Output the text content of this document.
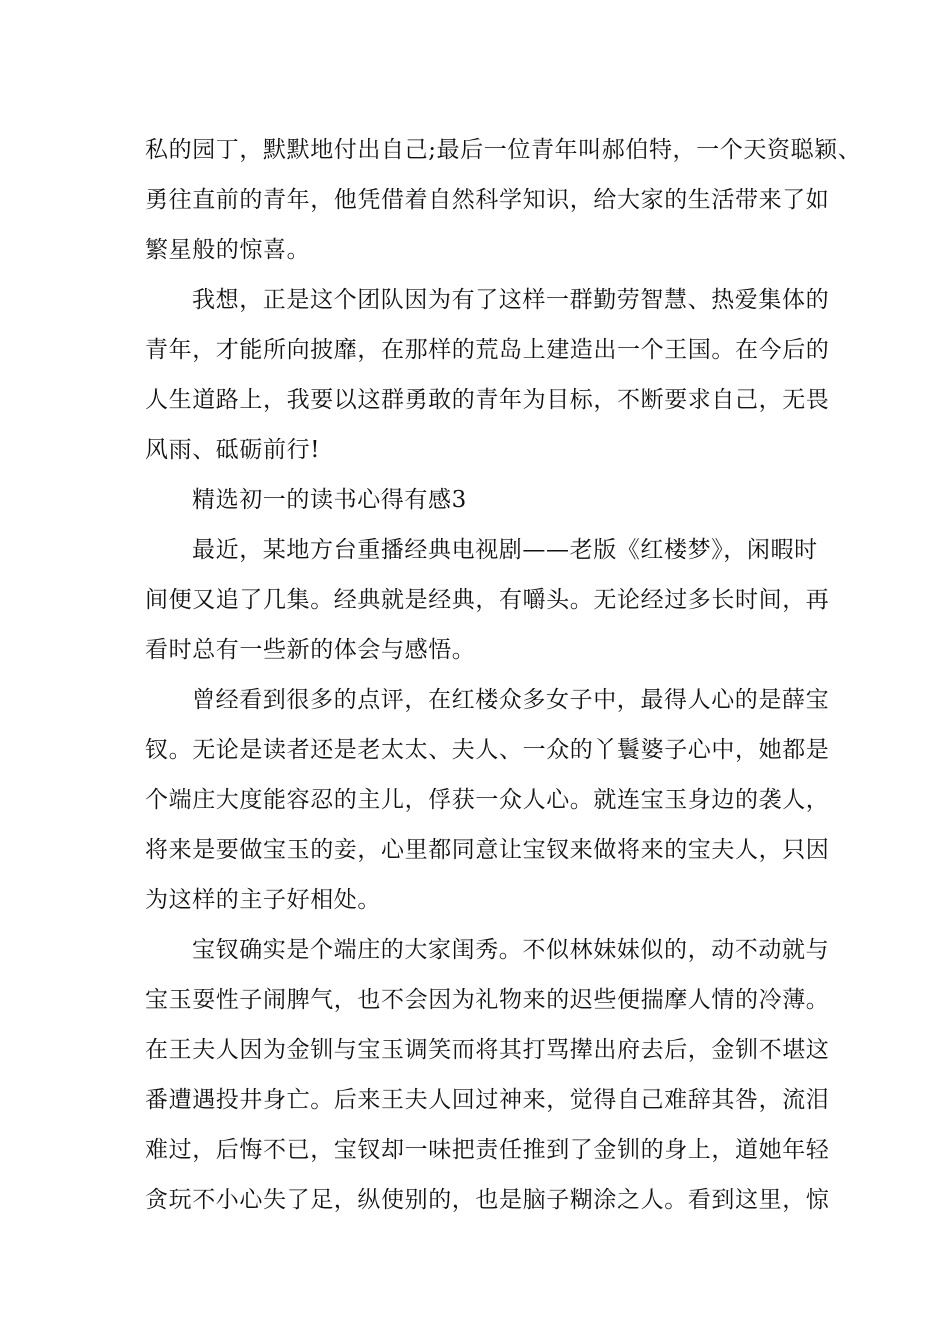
私的园丁，默默地付出自己;最后一位青年叫郝伯特，一个天资聪颖、
勇往直前的青年，他凭借着自然科学知识，给大家的生活带来了如
繁星般的惊喜。
我想，正是这个团队因为有了这样一群勤劳智慧、热爱集体的
青年，才能所向披靡，在那样的荒岛上建造出一个王国。在今后的
人生道路上，我要以这群勇敢的青年为目标，不断要求自己，无畏
风雨、砥砺前行!
精选初一的读书心得有感3
最近，某地方台重播经典电视剧——老版《红楼梦》，闲暇时
间便又追了几集。经典就是经典，有嚼头。无论经过多长时间，再
看时总有一些新的体会与感悟。
曾经看到很多的点评，在红楼众多女子中，最得人心的是薛宝
钗。无论是读者还是老太太、夫人、一众的丫鬟婆子心中，她都是
个端庄大度能容忍的主儿，俘获一众人心。就连宝玉身边的袭人，
将来是要做宝玉的妾，心里都同意让宝钗来做将来的宝夫人，只因
为这样的主子好相处。
宝钗确实是个端庄的大家闺秀。不似林妹妹似的，动不动就与
宝玉耍性子闹脾气，也不会因为礼物来的迟些便揣摩人情的冷薄。
在王夫人因为金钏与宝玉调笑而将其打骂撵出府去后，金钏不堪这
番遭遇投井身亡。后来王夫人回过神来，觉得自己难辞其咎，流泪
难过，后悔不已，宝钗却一味把责任推到了金钏的身上，道她年轻
贪玩不小心失了足，纵使别的，也是脑子糊涂之人。看到这里，惊
